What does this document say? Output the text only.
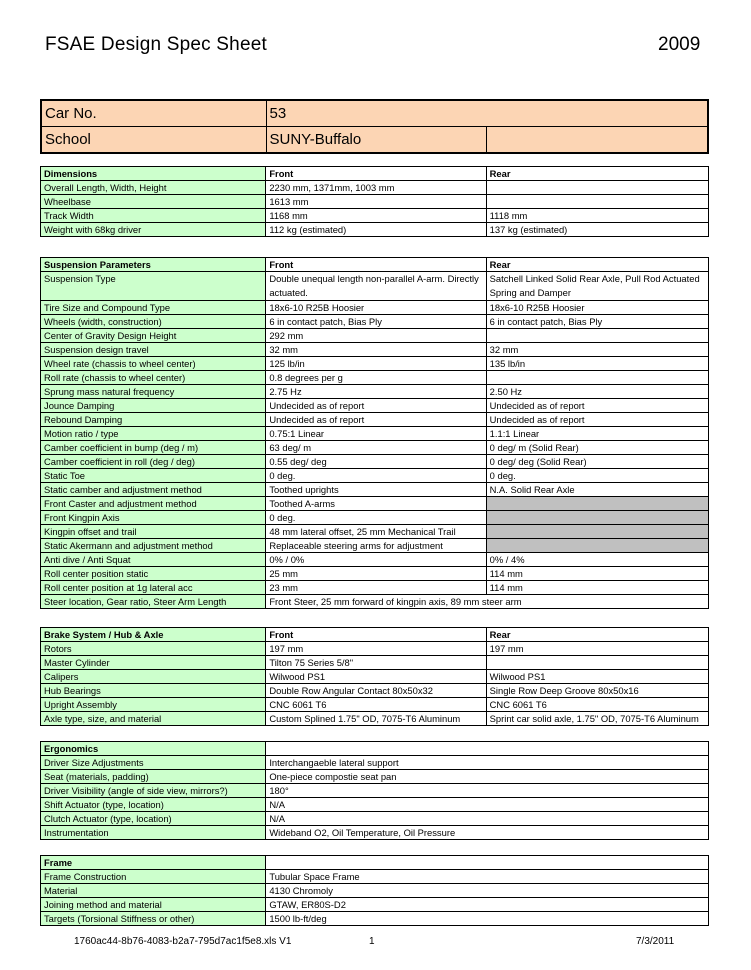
FSAE Design Spec Sheet	2009
Car No.	53	
School	SUNY-Buffalo	
Dimensions	Front	Rear
Overall Length, Width, Height	2230 mm, 1371mm, 1003 mm	
Wheelbase	1613 mm	
Track Width	1168 mm	1118 mm
Weight with 68kg driver	112 kg (estimated)	137 kg (estimated)
Suspension Parameters	Front	Rear
Suspension Type	Double unequal length non-parallel A-arm. Directly actuated.	Satchell Linked Solid Rear Axle, Pull Rod Actuated Spring and Damper
Tire Size and Compound Type	18x6-10 R25B Hoosier	18x6-10 R25B Hoosier
Wheels (width, construction)	6 in contact patch, Bias Ply	6 in contact patch, Bias Ply
Center of Gravity Design Height	292 mm	
Suspension design travel	32 mm	32 mm
Wheel rate (chassis to wheel center)	125 lb/in	135 lb/in
Roll rate (chassis to wheel center)	0.8 degrees per g	
Sprung mass natural frequency	2.75 Hz	2.50 Hz
Jounce Damping	Undecided as of report	Undecided as of report
Rebound Damping	Undecided as of report	Undecided as of report
Motion ratio / type	0.75:1 Linear	1.1:1 Linear
Camber coefficient in bump (deg / m)	63 deg/ m	0 deg/ m (Solid Rear)
Camber coefficient in roll (deg / deg)	0.55 deg/ deg	0 deg/ deg (Solid Rear)
Static Toe	0 deg.	0 deg.
Static camber and adjustment method	Toothed uprights	N.A. Solid Rear Axle
Front Caster and adjustment method	Toothed A-arms	
Front Kingpin Axis	0 deg.	
Kingpin offset and trail	48 mm lateral offset, 25 mm Mechanical Trail	
Static Akermann and adjustment method	Replaceable steering arms for adjustment	
Anti dive / Anti Squat	0% / 0%	0% / 4%
Roll center position static	25 mm	114 mm
Roll center position at 1g lateral acc	23 mm	114 mm
Steer location, Gear ratio, Steer Arm Length	Front Steer, 25 mm forward of kingpin axis, 89 mm steer arm	
Brake System / Hub & Axle	Front	Rear
Rotors	197 mm	197 mm
Master Cylinder	Tilton 75 Series 5/8"	
Calipers	Wilwood PS1	Wilwood PS1
Hub Bearings	Double Row Angular Contact 80x50x32	Single Row Deep Groove 80x50x16
Upright Assembly	CNC 6061 T6	CNC 6061 T6
Axle type, size, and material	Custom Splined 1.75" OD, 7075-T6 Aluminum	Sprint car solid axle, 1.75" OD, 7075-T6 Aluminum
Ergonomics	
Driver Size Adjustments	Interchangaeble lateral support
Seat (materials, padding)	One-piece compostie seat pan
Driver Visibility (angle of side view, mirrors?)	180°
Shift Actuator (type, location)	N/A
Clutch Actuator (type, location)	N/A
Instrumentation	Wideband O2, Oil Temperature, Oil Pressure
Frame	
Frame Construction	Tubular Space Frame
Material	4130 Chromoly
Joining method and material	GTAW, ER80S-D2
Targets (Torsional Stiffness or other)	1500 lb-ft/deg
1760ac44-8b76-4083-b2a7-795d7ac1f5e8.xls V1	1	7/3/2011
